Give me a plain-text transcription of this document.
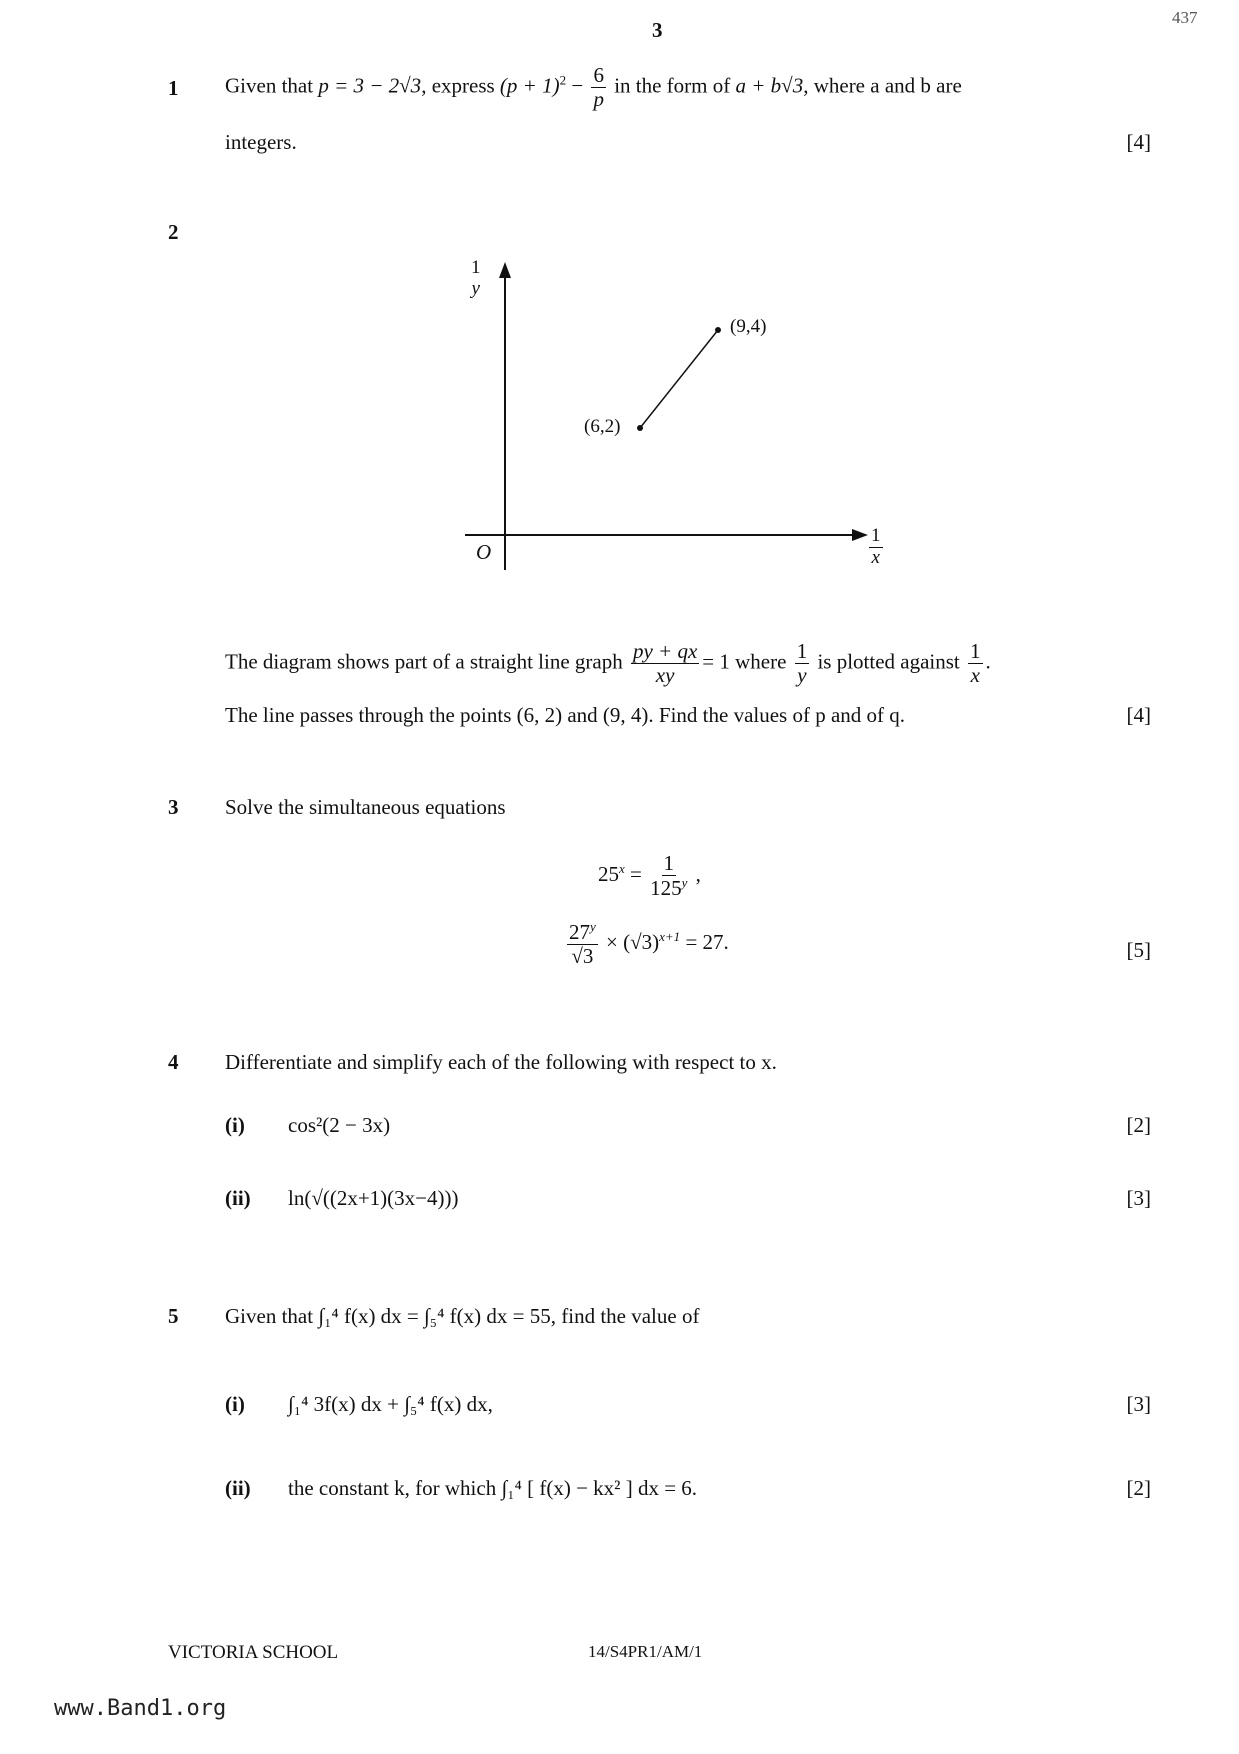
3
437
1 Given that p = 3 − 2√3, express $(p + 1)^2 - \frac{6}{p}$ in the form of a + b√3, where a and b are
integers.	[4]
2
1
y
$\frac{1}{x}$
O
(6,2)
(9,4)
The diagram shows part of a straight line graph $\frac{py + qx}{xy} = 1$ where $\frac{1}{y}$ is plotted against $\frac{1}{x}$ .
The line passes through the points (6, 2) and (9, 4). Find the values of p and of q.	[4]
3 Solve the simultaneous equations
$25^x = \frac{1}{125^y}$ ,
$\frac{27^y}{√3} \times (√3)^{x+1} = 27$.	[5]
4 Differentiate and simplify each of the following with respect to x.
(i) cos²(2 − 3x)	[2]
(ii) ln(√((2x+1)(3x−4)))	[3]
5 Given that ∫₁⁴ f(x) dx = ∫₅⁴ f(x) dx = 55, find the value of
(i) ∫₁⁴ 3f(x) dx + ∫₅⁴ f(x) dx,	[3]
(ii) the constant k, for which ∫₁⁴ [ f(x) − kx² ] dx = 6.	[2]
VICTORIA SCHOOL	14/S4PR1/AM/1
www.Band1.org
